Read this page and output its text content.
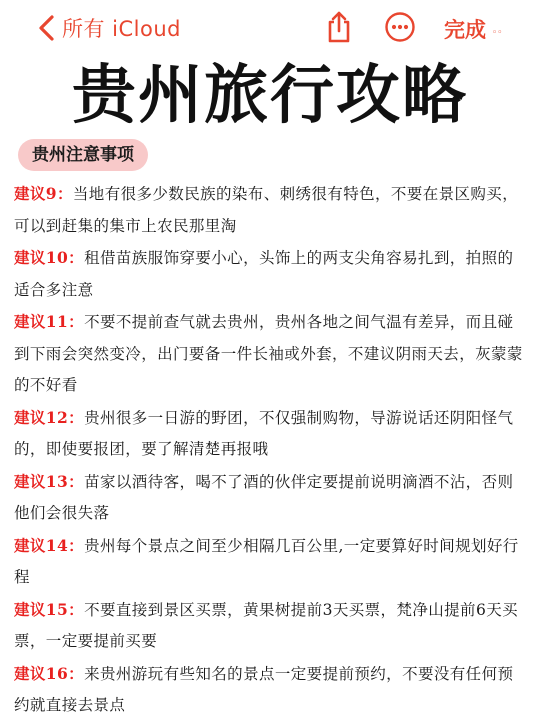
所有 iCloud	完成 ◦◦
贵州旅行攻略
贵州注意事项

建议9：当地有很多少数民族的染布、刺绣很有特色，不要在景区购买，可以到赶集的集市上农民那里淘

建议10：租借苗族服饰穿要小心，头饰上的两支尖角容易扎到，拍照的适合多注意

建议11：不要不提前查气就去贵州，贵州各地之间气温有差异，而且碰到下雨会突然变冷，出门要备一件长袖或外套，不建议阴雨天去，灰蒙蒙的不好看

建议12：贵州很多一日游的野团，不仅强制购物，导游说话还阴阳怪气的，即使要报团，要了解清楚再报哦

建议13：苗家以酒待客，喝不了酒的伙伴定要提前说明滴酒不沾，否则他们会很失落

建议14：贵州每个景点之间至少相隔几百公里,一定要算好时间规划好行程

建议15：不要直接到景区买票，黄果树提前3天买票，梵净山提前6天买票，一定要提前买要

建议16：来贵州游玩有些知名的景点一定要提前预约，不要没有任何预约就直接去景点
